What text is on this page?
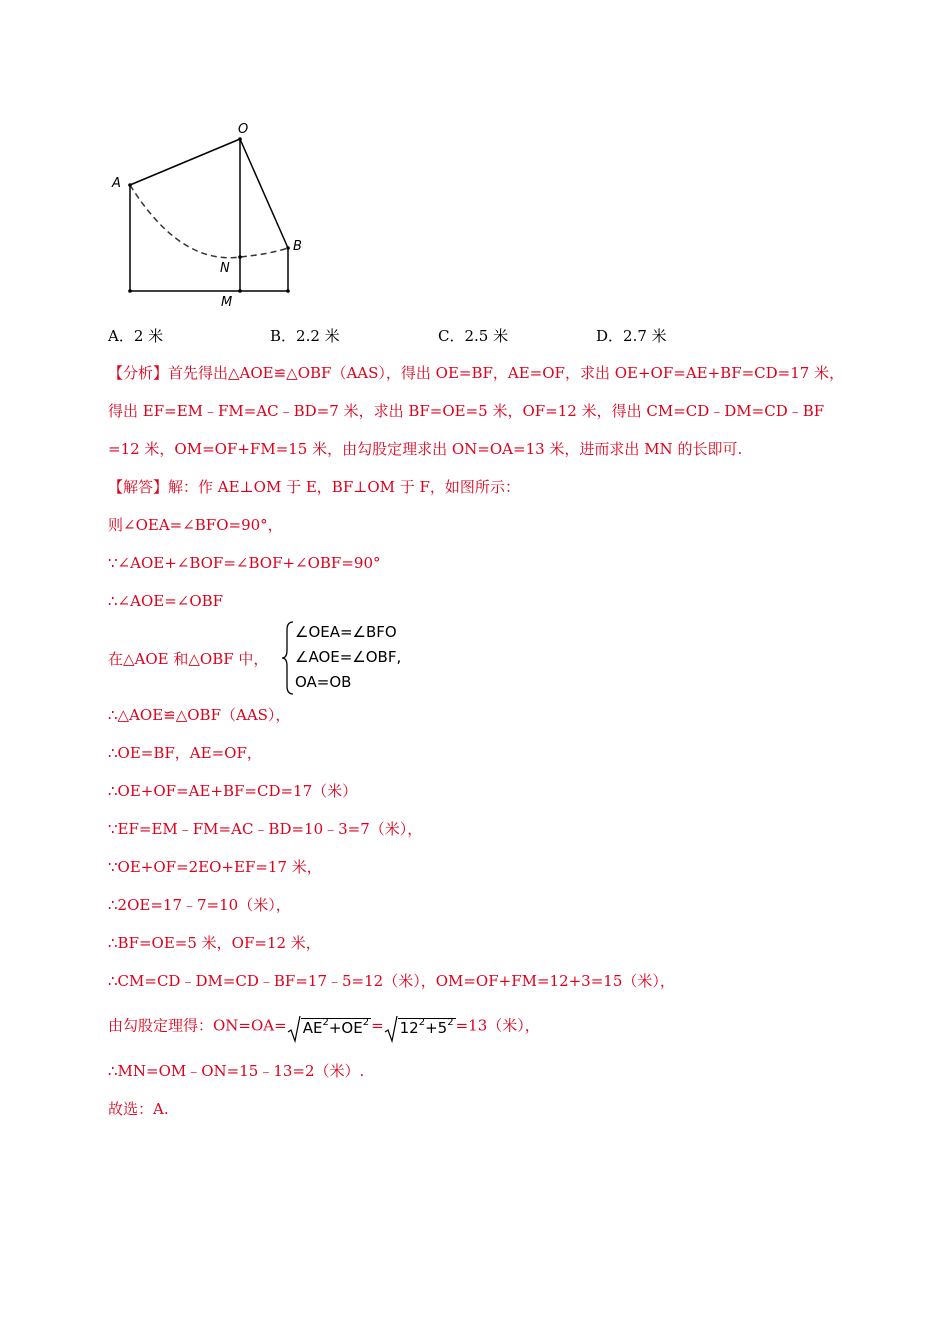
O
A
B
N
M
A．2 米	B．2.2 米	C．2.5 米	D．2.7 米
【分析】首先得出△AOE≌△OBF（AAS），得出 OE=BF，AE=OF，求出 OE+OF=AE+BF=CD=17 米，
得出 EF=EM﹣FM=AC﹣BD=7 米，求出 BF=OE=5 米，OF=12 米，得出 CM=CD﹣DM=CD﹣BF
=12 米，OM=OF+FM=15 米，由勾股定理求出 ON=OA=13 米，进而求出 MN 的长即可.
【解答】解：作 AE⊥OM 于 E，BF⊥OM 于 F，如图所示：
则∠OEA=∠BFO=90°，
∵∠AOE+∠BOF=∠BOF+∠OBF=90°
∴∠AOE=∠OBF
在△AOE 和△OBF 中，
∠OEA=∠BFO
∠AOE=∠OBF,
OA=OB
∴△AOE≌△OBF（AAS），
∴OE=BF，AE=OF，
∴OE+OF=AE+BF=CD=17（米）
∵EF=EM﹣FM=AC﹣BD=10﹣3=7（米），
∵OE+OF=2EO+EF=17 米，
∴2OE=17﹣7=10（米），
∴BF=OE=5 米，OF=12 米，
∴CM=CD﹣DM=CD﹣BF=17﹣5=12（米），OM=OF+FM=12+3=15（米），
由勾股定理得：$ON=OA= AE^2+OE^2 = 12^2+5^2 =13$（米），
∴MN=OM﹣ON=15﹣13=2（米）.
故选：A.
